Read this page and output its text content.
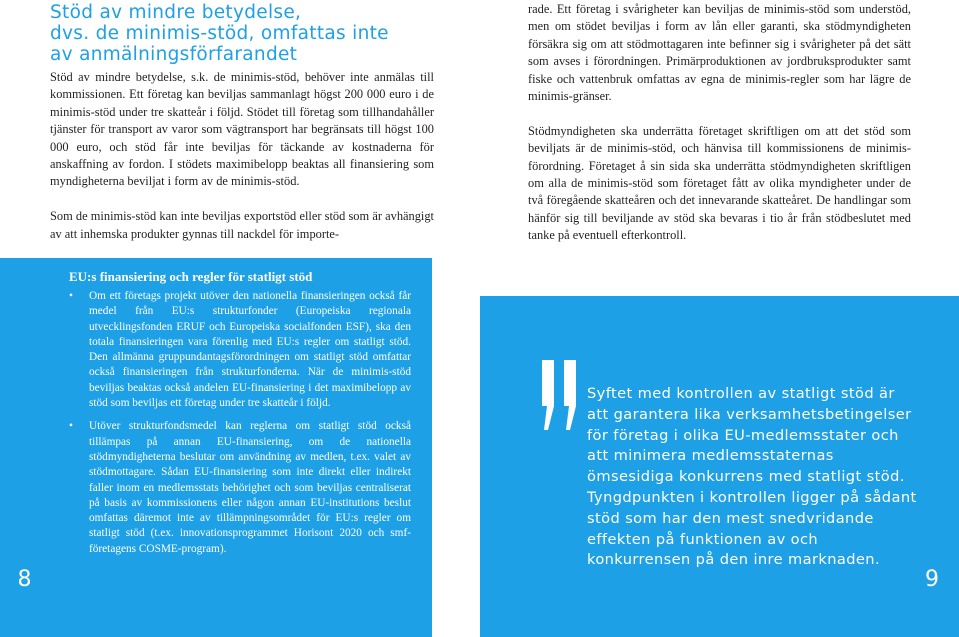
Stöd av mindre betydelse,
dvs. de minimis-stöd, omfattas inte
av anmälningsförfarandet

Stöd av mindre betydelse, s.k. de minimis-stöd, behöver inte anmälas till kommissionen. Ett företag kan beviljas sammanlagt högst 200 000 euro i de minimis-stöd under tre skatteår i följd. Stödet till företag som tillhandahåller tjänster för transport av varor som vägtransport har begränsats till högst 100 000 euro, och stöd får inte beviljas för täckande av kostnaderna för anskaffning av fordon. I stödets maximibelopp beaktas all finansiering som myndigheterna beviljat i form av de minimis-stöd.

Som de minimis-stöd kan inte beviljas exportstöd eller stöd som är avhängigt av att inhemska produkter gynnas till nackdel för importe-

rade. Ett företag i svårigheter kan beviljas de minimis-stöd som understöd, men om stödet beviljas i form av lån eller garanti, ska stödmyndigheten försäkra sig om att stödmottagaren inte befinner sig i svårigheter på det sätt som avses i förordningen. Primärproduktionen av jordbruksprodukter samt fiske och vattenbruk omfattas av egna de minimis-regler som har lägre de minimis-gränser.

Stödmyndigheten ska underrätta företaget skriftligen om att det stöd som beviljats är de minimis-stöd, och hänvisa till kommissionens de minimis-förordning. Företaget å sin sida ska underrätta stödmyndigheten skriftligen om alla de minimis-stöd som företaget fått av olika myndigheter under de två föregående skatteåren och det innevarande skatteåret. De handlingar som hänför sig till beviljande av stöd ska bevaras i tio år från stödbeslutet med tanke på eventuell efterkontroll.

8
EU:s finansiering och regler för statligt stöd
• Om ett företags projekt utöver den nationella finansieringen också får medel från EU:s strukturfonder (Europeiska regionala utvecklingsfonden ERUF och Europeiska socialfonden ESF), ska den totala finansieringen vara förenlig med EU:s regler om statligt stöd. Den allmänna gruppundantagsförordningen om statligt stöd omfattar också finansieringen från strukturfonderna. När de minimis-stöd beviljas beaktas också andelen EU-finansiering i det maximibelopp av stöd som beviljas ett företag under tre skatteår i följd.
• Utöver strukturfondsmedel kan reglerna om statligt stöd också tillämpas på annan EU-finansiering, om de nationella stödmyndigheterna beslutar om användning av medlen, t.ex. valet av stödmottagare. Sådan EU-finansiering som inte direkt eller indirekt faller inom en medlemsstats behörighet och som beviljas centraliserat på basis av kommissionens eller någon annan EU-institutions beslut omfattas däremot inte av tillämpningsområdet för EU:s regler om statligt stöd (t.ex. innovationsprogrammet Horisont 2020 och smf-företagens COSME-program).

Syftet med kontrollen av statligt stöd är att garantera lika verksamhetsbetingelser för företag i olika EU-medlemsstater och att minimera medlemsstaternas ömsesidiga konkurrens med statligt stöd. Tyngdpunkten i kontrollen ligger på sådant stöd som har den mest snedvridande effekten på funktionen av och konkurrensen på den inre marknaden.

9
